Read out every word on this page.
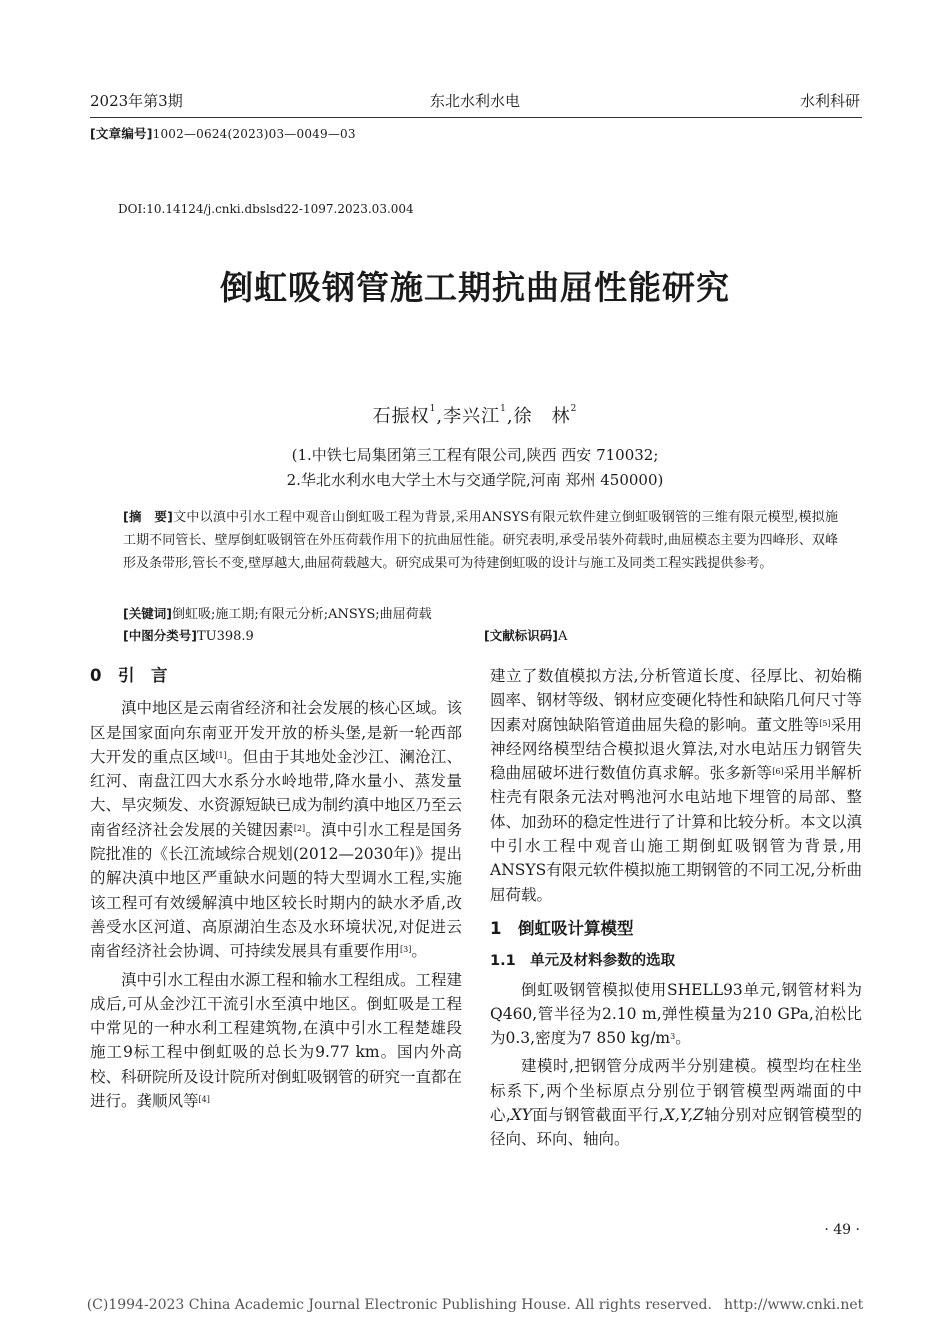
2023年第3期	东北水利水电	水利科研
[文章编号]1002—0624(2023)03—0049—03
DOI:10.14124/j.cnki.dbslsd22-1097.2023.03.004
倒虹吸钢管施工期抗曲屈性能研究
石振权$^1$,李兴江$^1$,徐　林$^2$
(1.中铁七局集团第三工程有限公司,陕西 西安 710032;
2.华北水利水电大学土木与交通学院,河南 郑州 450000)
[摘　要]文中以滇中引水工程中观音山倒虹吸工程为背景,采用ANSYS有限元软件建立倒虹吸钢管的三维有限元模型,模拟施工期不同管长、壁厚倒虹吸钢管在外压荷载作用下的抗曲屈性能。研究表明,承受吊装外荷载时,曲屈模态主要为四峰形、双峰形及条带形,管长不变,壁厚越大,曲屈荷载越大。研究成果可为待建倒虹吸的设计与施工及同类工程实践提供参考。
[关键词]倒虹吸;施工期;有限元分析;ANSYS;曲屈荷载
[中图分类号]TU398.9	[文献标识码]A
0　引　言

滇中地区是云南省经济和社会发展的核心区域。该区是国家面向东南亚开发开放的桥头堡,是新一轮西部大开发的重点区域[1]。但由于其地处金沙江、澜沧江、红河、南盘江四大水系分水岭地带,降水量小、蒸发量大、旱灾频发、水资源短缺已成为制约滇中地区乃至云南省经济社会发展的关键因素[2]。滇中引水工程是国务院批准的《长江流域综合规划(2012—2030年)》提出的解决滇中地区严重缺水问题的特大型调水工程,实施该工程可有效缓解滇中地区较长时期内的缺水矛盾,改善受水区河道、高原湖泊生态及水环境状况,对促进云南省经济社会协调、可持续发展具有重要作用[3]。

滇中引水工程由水源工程和输水工程组成。工程建成后,可从金沙江干流引水至滇中地区。倒虹吸是工程中常见的一种水利工程建筑物,在滇中引水工程楚雄段施工9标工程中倒虹吸的总长为9.77 km。国内外高校、科研院所及设计院所对倒虹吸钢管的研究一直都在进行。龚顺风等[4]

建立了数值模拟方法,分析管道长度、径厚比、初始椭圆率、钢材等级、钢材应变硬化特性和缺陷几何尺寸等因素对腐蚀缺陷管道曲屈失稳的影响。董文胜等[5]采用神经网络模型结合模拟退火算法,对水电站压力钢管失稳曲屈破坏进行数值仿真求解。张多新等[6]采用半解析柱壳有限条元法对鸭池河水电站地下埋管的局部、整体、加劲环的稳定性进行了计算和比较分析。本文以滇中引水工程中观音山施工期倒虹吸钢管为背景,用ANSYS有限元软件模拟施工期钢管的不同工况,分析曲屈荷载。

1　倒虹吸计算模型
1.1　单元及材料参数的选取

倒虹吸钢管模拟使用SHELL93单元,钢管材料为Q460,管半径为2.10 m,弹性模量为210 GPa,泊松比为0.3,密度为7 850 $kg/m^3$。

建模时,把钢管分成两半分别建模。模型均在柱坐标系下,两个坐标原点分别位于钢管模型两端面的中心,XY面与钢管截面平行,X,Y,Z轴分别对应钢管模型的径向、环向、轴向。

· 49 ·
(C)1994-2023 China Academic Journal Electronic Publishing House. All rights reserved. http://www.cnki.net
